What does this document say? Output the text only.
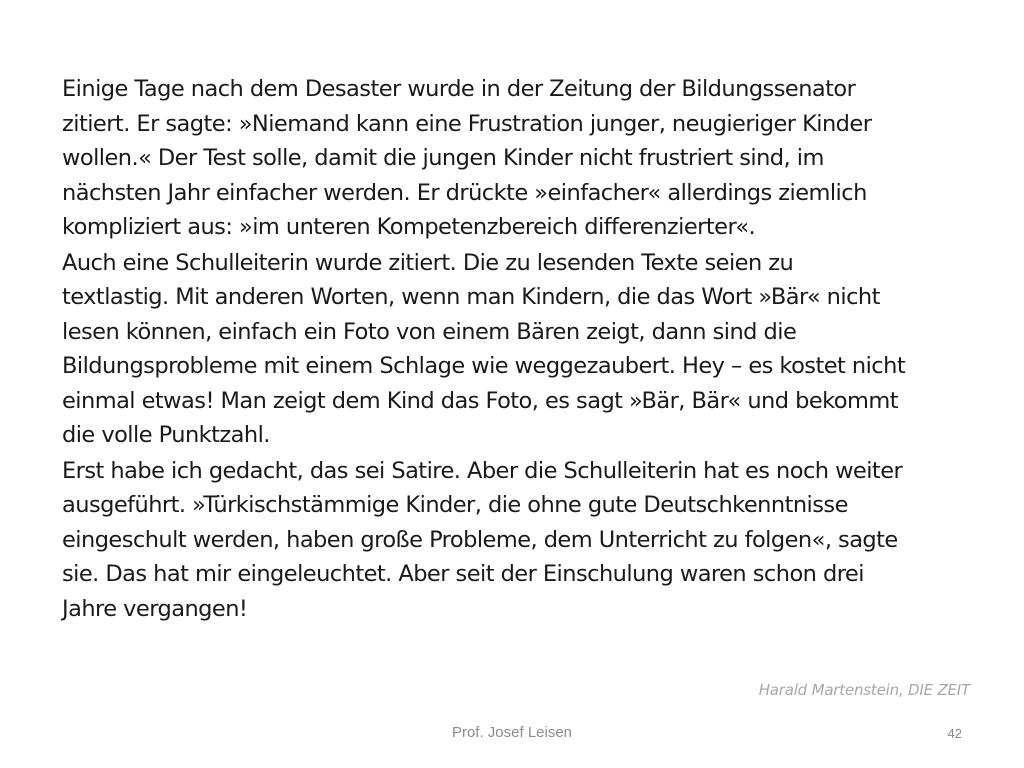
Einige Tage nach dem Desaster wurde in der Zeitung der Bildungssenator
zitiert. Er sagte: »Niemand kann eine Frustration junger, neugieriger Kinder
wollen.« Der Test solle, damit die jungen Kinder nicht frustriert sind, im
nächsten Jahr einfacher werden. Er drückte »einfacher« allerdings ziemlich
kompliziert aus: »im unteren Kompetenzbereich differenzierter«.

Auch eine Schulleiterin wurde zitiert. Die zu lesenden Texte seien zu
textlastig. Mit anderen Worten, wenn man Kindern, die das Wort »Bär« nicht
lesen können, einfach ein Foto von einem Bären zeigt, dann sind die
Bildungsprobleme mit einem Schlage wie weggezaubert. Hey – es kostet nicht
einmal etwas! Man zeigt dem Kind das Foto, es sagt »Bär, Bär« und bekommt
die volle Punktzahl.

Erst habe ich gedacht, das sei Satire. Aber die Schulleiterin hat es noch weiter
ausgeführt. »Türkischstämmige Kinder, die ohne gute Deutschkenntnisse
eingeschult werden, haben große Probleme, dem Unterricht zu folgen«, sagte
sie. Das hat mir eingeleuchtet. Aber seit der Einschulung waren schon drei
Jahre vergangen!

Harald Martenstein, DIE ZEIT
Prof. Josef Leisen	42
